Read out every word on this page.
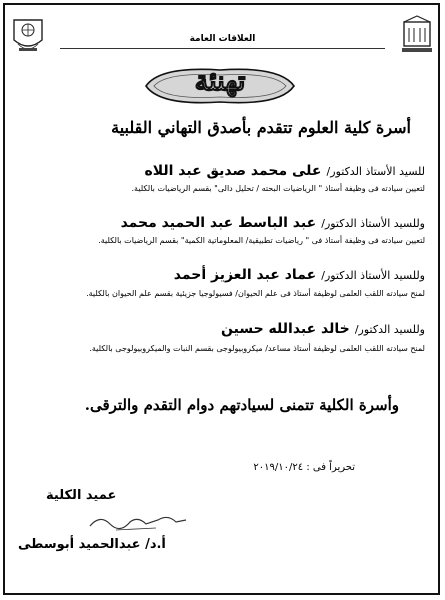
العلاقات العامة
تهنئة
أسرة كلية العلوم تتقدم بأصدق التهاني القلبية
للسيد الأستاذ الدكتور/ على محمد صديق عبد اللاه
لتعيين سيادته فى وظيفة أستاذ " الرياضيات البحته / تحليل دالى" بقسم الرياضيات بالكلية.
وللسيد الأستاذ الدكتور/ عبد الباسط عبد الحميد محمد
لتعيين سيادته فى وظيفة أستاذ فى " رياضيات تطبيقية/ المعلوماتية الكمية" بقسم الرياضيات بالكلية.
وللسيد الأستاذ الدكتور/ عماد عبد العزيز أحمد
لمنح سيادته اللقب العلمى لوظيفة أستاذ فى علم الحيوان/ فسيولوجيا جزيئية بقسم علم الحيوان بالكلية.
وللسيد الدكتور/ خالد عبدالله حسين
لمنح سيادته اللقب العلمى لوظيفة أستاذ مساعد/ ميكروبيولوجى بقسم النبات والميكروبيولوجى بالكلية.
وأسرة الكلية تتمنى لسيادتهم دوام التقدم والترقى.
تحريراً فى : ٢٠١٩/١٠/٢٤
عميد الكلية
أ.د/ عبدالحميد أبوسطى
